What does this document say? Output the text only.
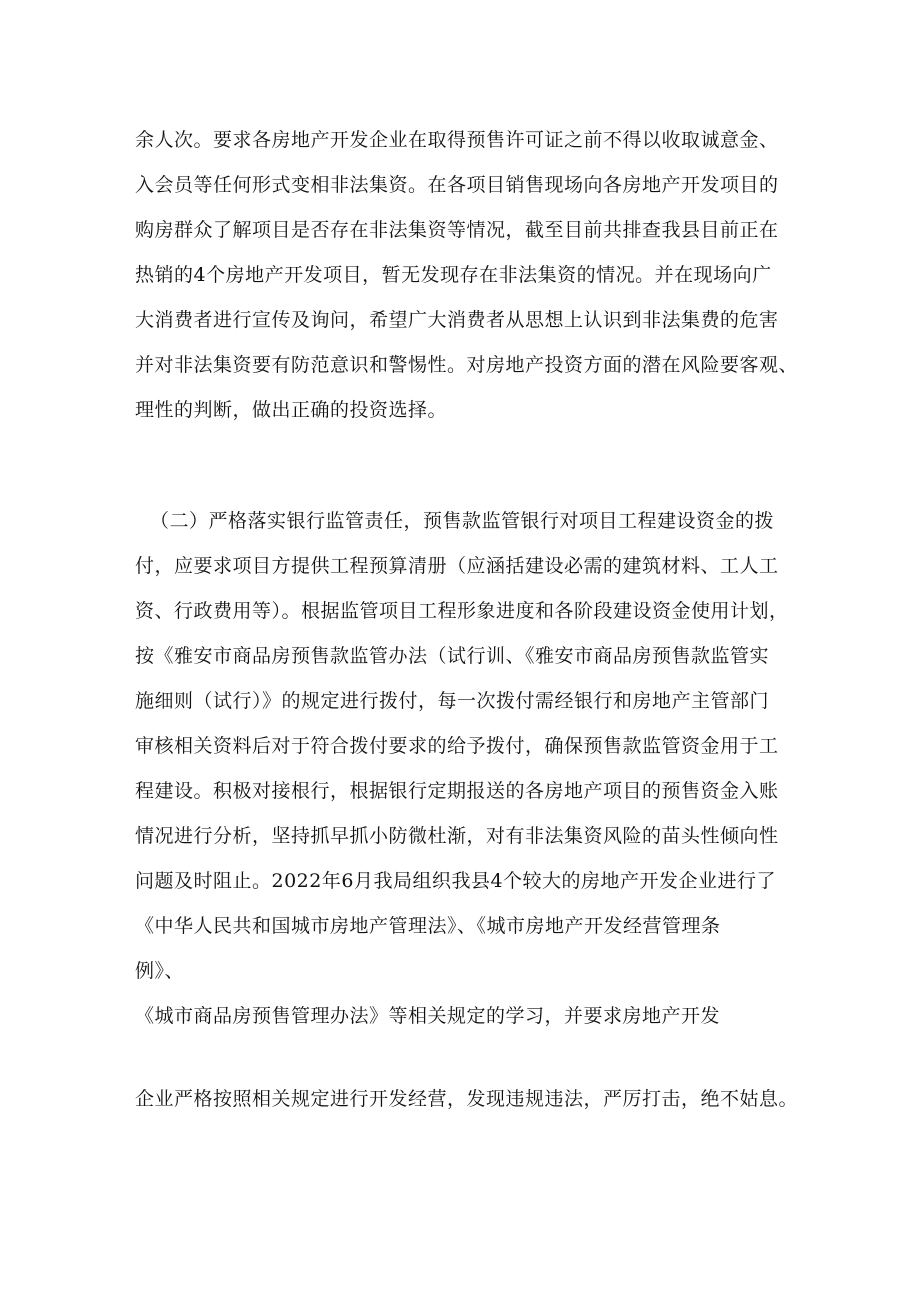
余人次。要求各房地产开发企业在取得预售许可证之前不得以收取诚意金、
入会员等任何形式变相非法集资。在各项目销售现场向各房地产开发项目的
购房群众了解项目是否存在非法集资等情况，截至目前共排查我县目前正在
热销的4个房地产开发项目，暂无发现存在非法集资的情况。并在现场向广
大消费者进行宣传及询问，希望广大消费者从思想上认识到非法集费的危害
并对非法集资要有防范意识和警惕性。对房地产投资方面的潜在风险要客观、
理性的判断，做出正确的投资选择。
（二）严格落实银行监管责任，预售款监管银行对项目工程建设资金的拨
付，应要求项目方提供工程预算清册（应涵括建设必需的建筑材料、工人工
资、行政费用等）。根据监管项目工程形象进度和各阶段建设资金使用计划，
按《雅安市商品房预售款监管办法（试行训、《雅安市商品房预售款监管实
施细则（试行）》的规定进行拨付，每一次拨付需经银行和房地产主管部门
审核相关资料后对于符合拨付要求的给予拨付，确保预售款监管资金用于工
程建设。积极对接根行，根据银行定期报送的各房地产项目的预售资金入账
情况进行分析，坚持抓早抓小防微杜渐，对有非法集资风险的苗头性倾向性
问题及时阻止。2022年6月我局组织我县4个较大的房地产开发企业进行了
《中华人民共和国城市房地产管理法》、《城市房地产开发经营管理条
例》、
《城市商品房预售管理办法》等相关规定的学习，并要求房地产开发
企业严格按照相关规定进行开发经营，发现违规违法，严厉打击，绝不姑息。
